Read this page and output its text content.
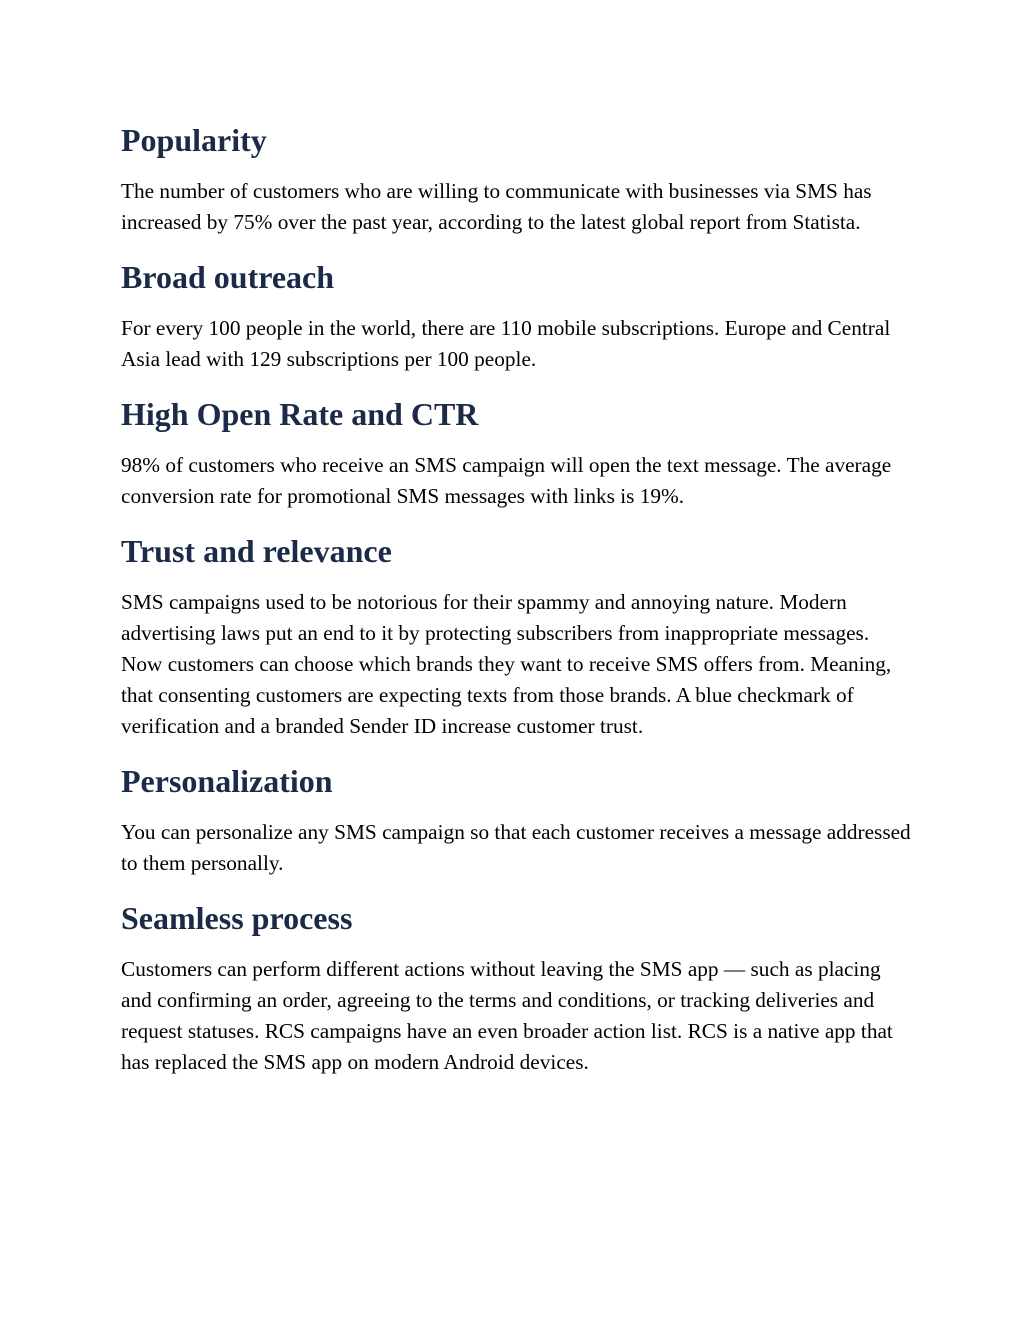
Popularity

The number of customers who are willing to communicate with businesses via SMS has increased by 75% over the past year, according to the latest global report from Statista.

Broad outreach

For every 100 people in the world, there are 110 mobile subscriptions. Europe and Central Asia lead with 129 subscriptions per 100 people.

High Open Rate and CTR

98% of customers who receive an SMS campaign will open the text message. The average conversion rate for promotional SMS messages with links is 19%.

Trust and relevance

SMS campaigns used to be notorious for their spammy and annoying nature. Modern advertising laws put an end to it by protecting subscribers from inappropriate messages. Now customers can choose which brands they want to receive SMS offers from. Meaning, that consenting customers are expecting texts from those brands. A blue checkmark of verification and a branded Sender ID increase customer trust.

Personalization

You can personalize any SMS campaign so that each customer receives a message addressed to them personally.

Seamless process

Customers can perform different actions without leaving the SMS app — such as placing and confirming an order, agreeing to the terms and conditions, or tracking deliveries and request statuses. RCS campaigns have an even broader action list. RCS is a native app that has replaced the SMS app on modern Android devices.
